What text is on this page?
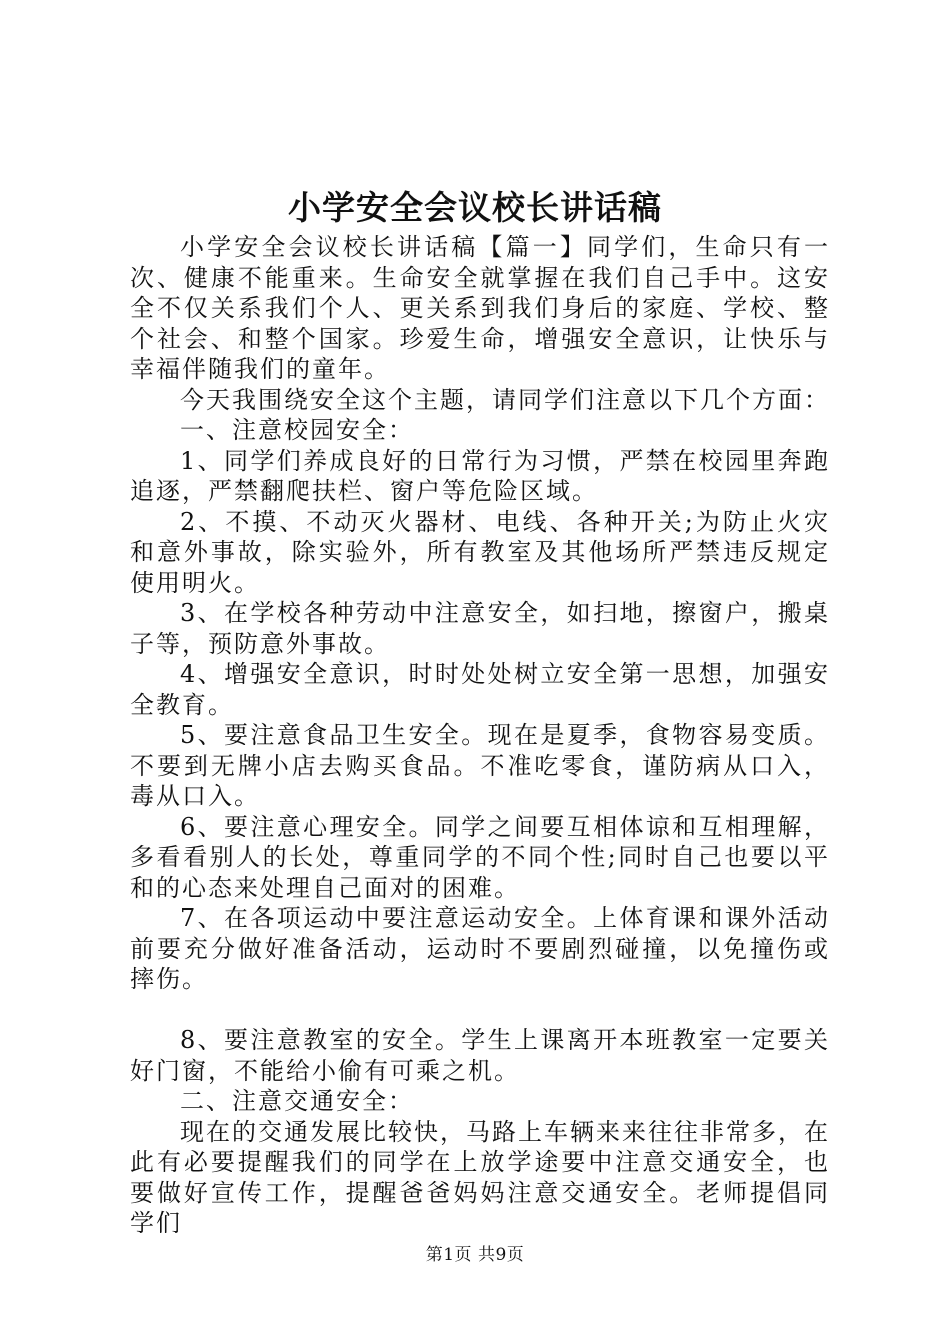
小学安全会议校长讲话稿

小学安全会议校长讲话稿【篇一】同学们，生命只有一次、健康不能重来。生命安全就掌握在我们自己手中。这安全不仅关系我们个人、更关系到我们身后的家庭、学校、整个社会、和整个国家。珍爱生命，增强安全意识，让快乐与幸福伴随我们的童年。

今天我围绕安全这个主题，请同学们注意以下几个方面：

一、注意校园安全：

1、同学们养成良好的日常行为习惯，严禁在校园里奔跑追逐，严禁翻爬扶栏、窗户等危险区域。

2、不摸、不动灭火器材、电线、各种开关;为防止火灾和意外事故，除实验外，所有教室及其他场所严禁违反规定使用明火。

3、在学校各种劳动中注意安全，如扫地，擦窗户，搬桌子等，预防意外事故。

4、增强安全意识，时时处处树立安全第一思想，加强安全教育。

5、要注意食品卫生安全。现在是夏季，食物容易变质。不要到无牌小店去购买食品。不准吃零食，谨防病从口入，毒从口入。

6、要注意心理安全。同学之间要互相体谅和互相理解，多看看别人的长处，尊重同学的不同个性;同时自己也要以平和的心态来处理自己面对的困难。

7、在各项运动中要注意运动安全。上体育课和课外活动前要充分做好准备活动，运动时不要剧烈碰撞，以免撞伤或摔伤。

8、要注意教室的安全。学生上课离开本班教室一定要关好门窗，不能给小偷有可乘之机。

二、注意交通安全：

现在的交通发展比较快，马路上车辆来来往往非常多，在此有必要提醒我们的同学在上放学途要中注意交通安全，也要做好宣传工作，提醒爸爸妈妈注意交通安全。老师提倡同学们

第1页 共9页
